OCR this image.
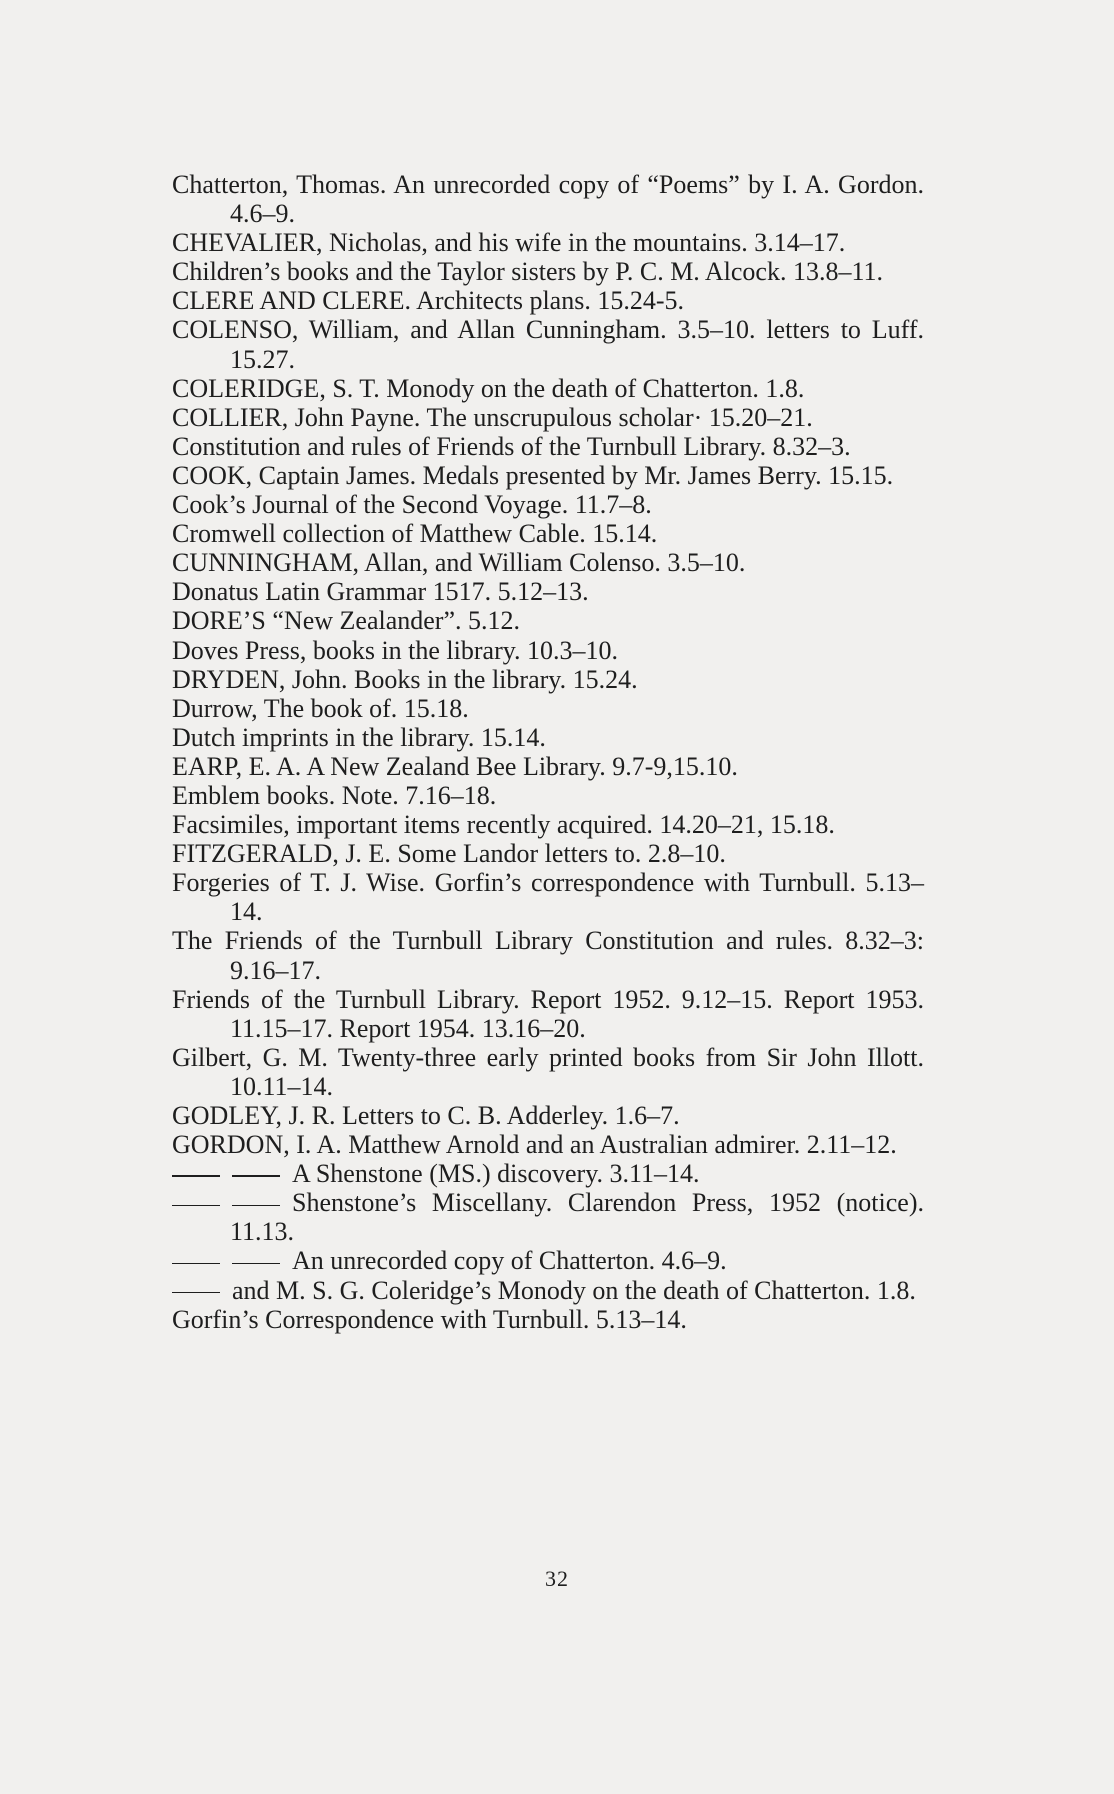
Chatterton, Thomas. An unrecorded copy of “Poems” by I. A. Gordon. 4.6–9.
CHEVALIER, Nicholas, and his wife in the mountains. 3.14–17.
Children’s books and the Taylor sisters by P. C. M. Alcock. 13.8–11.
CLERE AND CLERE. Architects plans. 15.24-5.
COLENSO, William, and Allan Cunningham. 3.5–10. letters to Luff. 15.27.
COLERIDGE, S. T. Monody on the death of Chatterton. 1.8.
COLLIER, John Payne. The unscrupulous scholar· 15.20–21.
Constitution and rules of Friends of the Turnbull Library. 8.32–3.
COOK, Captain James. Medals presented by Mr. James Berry. 15.15.
Cook’s Journal of the Second Voyage. 11.7–8.
Cromwell collection of Matthew Cable. 15.14.
CUNNINGHAM, Allan, and William Colenso. 3.5–10.
Donatus Latin Grammar 1517. 5.12–13.
DORE’S “New Zealander”. 5.12.
Doves Press, books in the library. 10.3–10.
DRYDEN, John. Books in the library. 15.24.
Durrow, The book of. 15.18.
Dutch imprints in the library. 15.14.
EARP, E. A. A New Zealand Bee Library. 9.7-9,15.10.
Emblem books. Note. 7.16–18.
Facsimiles, important items recently acquired. 14.20–21, 15.18.
FITZGERALD, J. E. Some Landor letters to. 2.8–10.
Forgeries of T. J. Wise. Gorfin’s correspondence with Turnbull. 5.13–14.
The Friends of the Turnbull Library Constitution and rules. 8.32–3: 9.16–17.
Friends of the Turnbull Library. Report 1952. 9.12–15. Report 1953. 11.15–17. Report 1954. 13.16–20.
Gilbert, G. M. Twenty-three early printed books from Sir John Illott. 10.11–14.
GODLEY, J. R. Letters to C. B. Adderley. 1.6–7.
GORDON, I. A. Matthew Arnold and an Australian admirer. 2.11–12.
A Shenstone (MS.) discovery. 3.11–14.
Shenstone’s Miscellany. Clarendon Press, 1952 (notice). 11.13.
An unrecorded copy of Chatterton. 4.6–9.
and M. S. G. Coleridge’s Monody on the death of Chatterton. 1.8.
Gorfin’s Correspondence with Turnbull. 5.13–14.
32
